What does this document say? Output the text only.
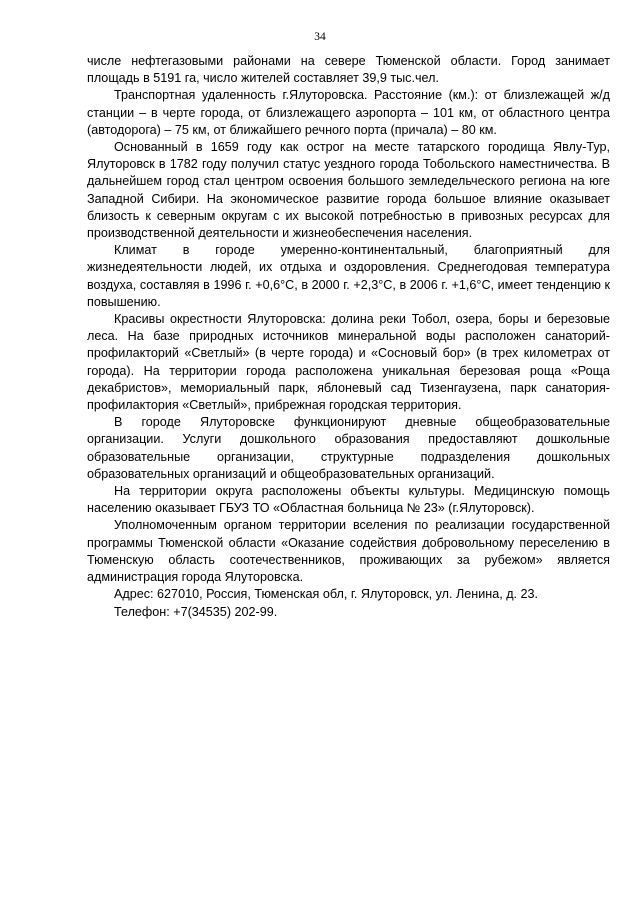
34

числе нефтегазовыми районами на севере Тюменской области. Город занимает площадь в 5191 га, число жителей составляет 39,9 тыс.чел.

Транспортная удаленность г.Ялуторовска. Расстояние (км.): от близлежащей ж/д станции – в черте города, от близлежащего аэропорта – 101 км, от областного центра (автодорога) – 75 км, от ближайшего речного порта (причала) – 80 км.

Основанный в 1659 году как острог на месте татарского городища Явлу-Тур, Ялуторовск в 1782 году получил статус уездного города Тобольского наместничества. В дальнейшем город стал центром освоения большого земледельческого региона на юге Западной Сибири. На экономическое развитие города большое влияние оказывает близость к северным округам с их высокой потребностью в привозных ресурсах для производственной деятельности и жизнеобеспечения населения.

Климат в городе умеренно-континентальный, благоприятный для жизнедеятельности людей, их отдыха и оздоровления. Среднегодовая температура воздуха, составляя в 1996 г. +0,6°С, в 2000 г. +2,3°С, в 2006 г. +1,6°С, имеет тенденцию к повышению.

Красивы окрестности Ялуторовска: долина реки Тобол, озера, боры и березовые леса. На базе природных источников минеральной воды расположен санаторий-профилакторий «Светлый» (в черте города) и «Сосновый бор» (в трех километрах от города). На территории города расположена уникальная березовая роща «Роща декабристов», мемориальный парк, яблоневый сад Тизенгаузена, парк санатория-профилактория «Светлый», прибрежная городская территория.

В городе Ялуторовске функционируют дневные общеобразовательные организации. Услуги дошкольного образования предоставляют дошкольные образовательные организации, структурные подразделения дошкольных образовательных организаций и общеобразовательных организаций.

На территории округа расположены объекты культуры. Медицинскую помощь населению оказывает ГБУЗ ТО «Областная больница № 23» (г.Ялуторовск).

Уполномоченным органом территории вселения по реализации государственной программы Тюменской области «Оказание содействия добровольному переселению в Тюменскую область соотечественников, проживающих за рубежом» является администрация города Ялуторовска.

Адрес: 627010, Россия, Тюменская обл, г. Ялуторовск, ул. Ленина, д. 23.

Телефон: +7(34535) 202-99.
